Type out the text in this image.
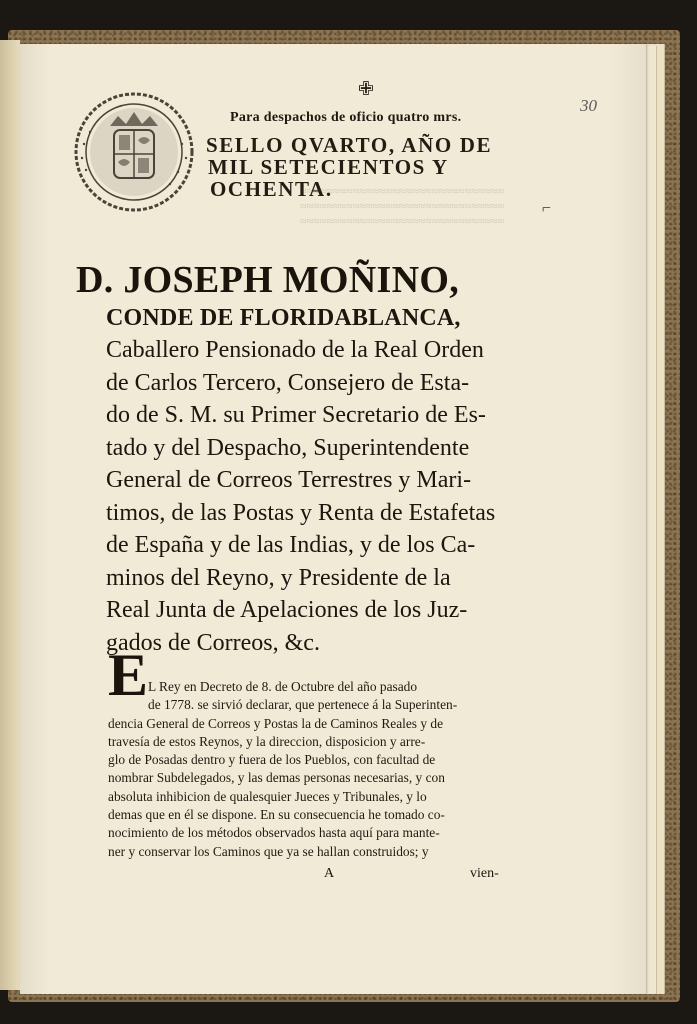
✙
Para despachos de oficio quatro mrs.
SELLO QVARTO, AÑO DE
MIL SETECIENTOS Y
OCHENTA.
30
⌐
≈≈≈≈≈≈≈≈≈≈≈≈≈≈≈≈≈≈≈≈≈≈≈≈≈≈≈≈≈≈≈
≈≈≈≈≈≈≈≈≈≈≈≈≈≈≈≈≈≈≈≈≈≈≈≈≈≈≈≈≈≈≈
≈≈≈≈≈≈≈≈≈≈≈≈≈≈≈≈≈≈≈≈≈≈≈≈≈≈≈≈≈≈≈
D. JOSEPH MOÑINO,
CONDE DE FLORIDABLANCA,
Caballero Pensionado de la Real Orden
de Carlos Tercero, Consejero de Esta-
do de S. M. su Primer Secretario de Es-
tado y del Despacho, Superintendente
General de Correos Terrestres y Mari-
timos, de las Postas y Renta de Estafetas
de España y de las Indias, y de los Ca-
minos del Reyno, y Presidente de la
Real Junta de Apelaciones de los Juz-
gados de Correos, &c.
E L Rey en Decreto de 8. de Octubre del año pasado
de 1778. se sirvió declarar, que pertenece á la Superinten-
dencia General de Correos y Postas la de Caminos Reales y de
travesía de estos Reynos, y la direccion, disposicion y arre-
glo de Posadas dentro y fuera de los Pueblos, con facultad de
nombrar Subdelegados, y las demas personas necesarias, y con
absoluta inhibicion de qualesquier Jueces y Tribunales, y lo
demas que en él se dispone. En su consecuencia he tomado co-
nocimiento de los métodos observados hasta aquí para mante-
ner y conservar los Caminos que ya se hallan construidos; y
A	vien-
